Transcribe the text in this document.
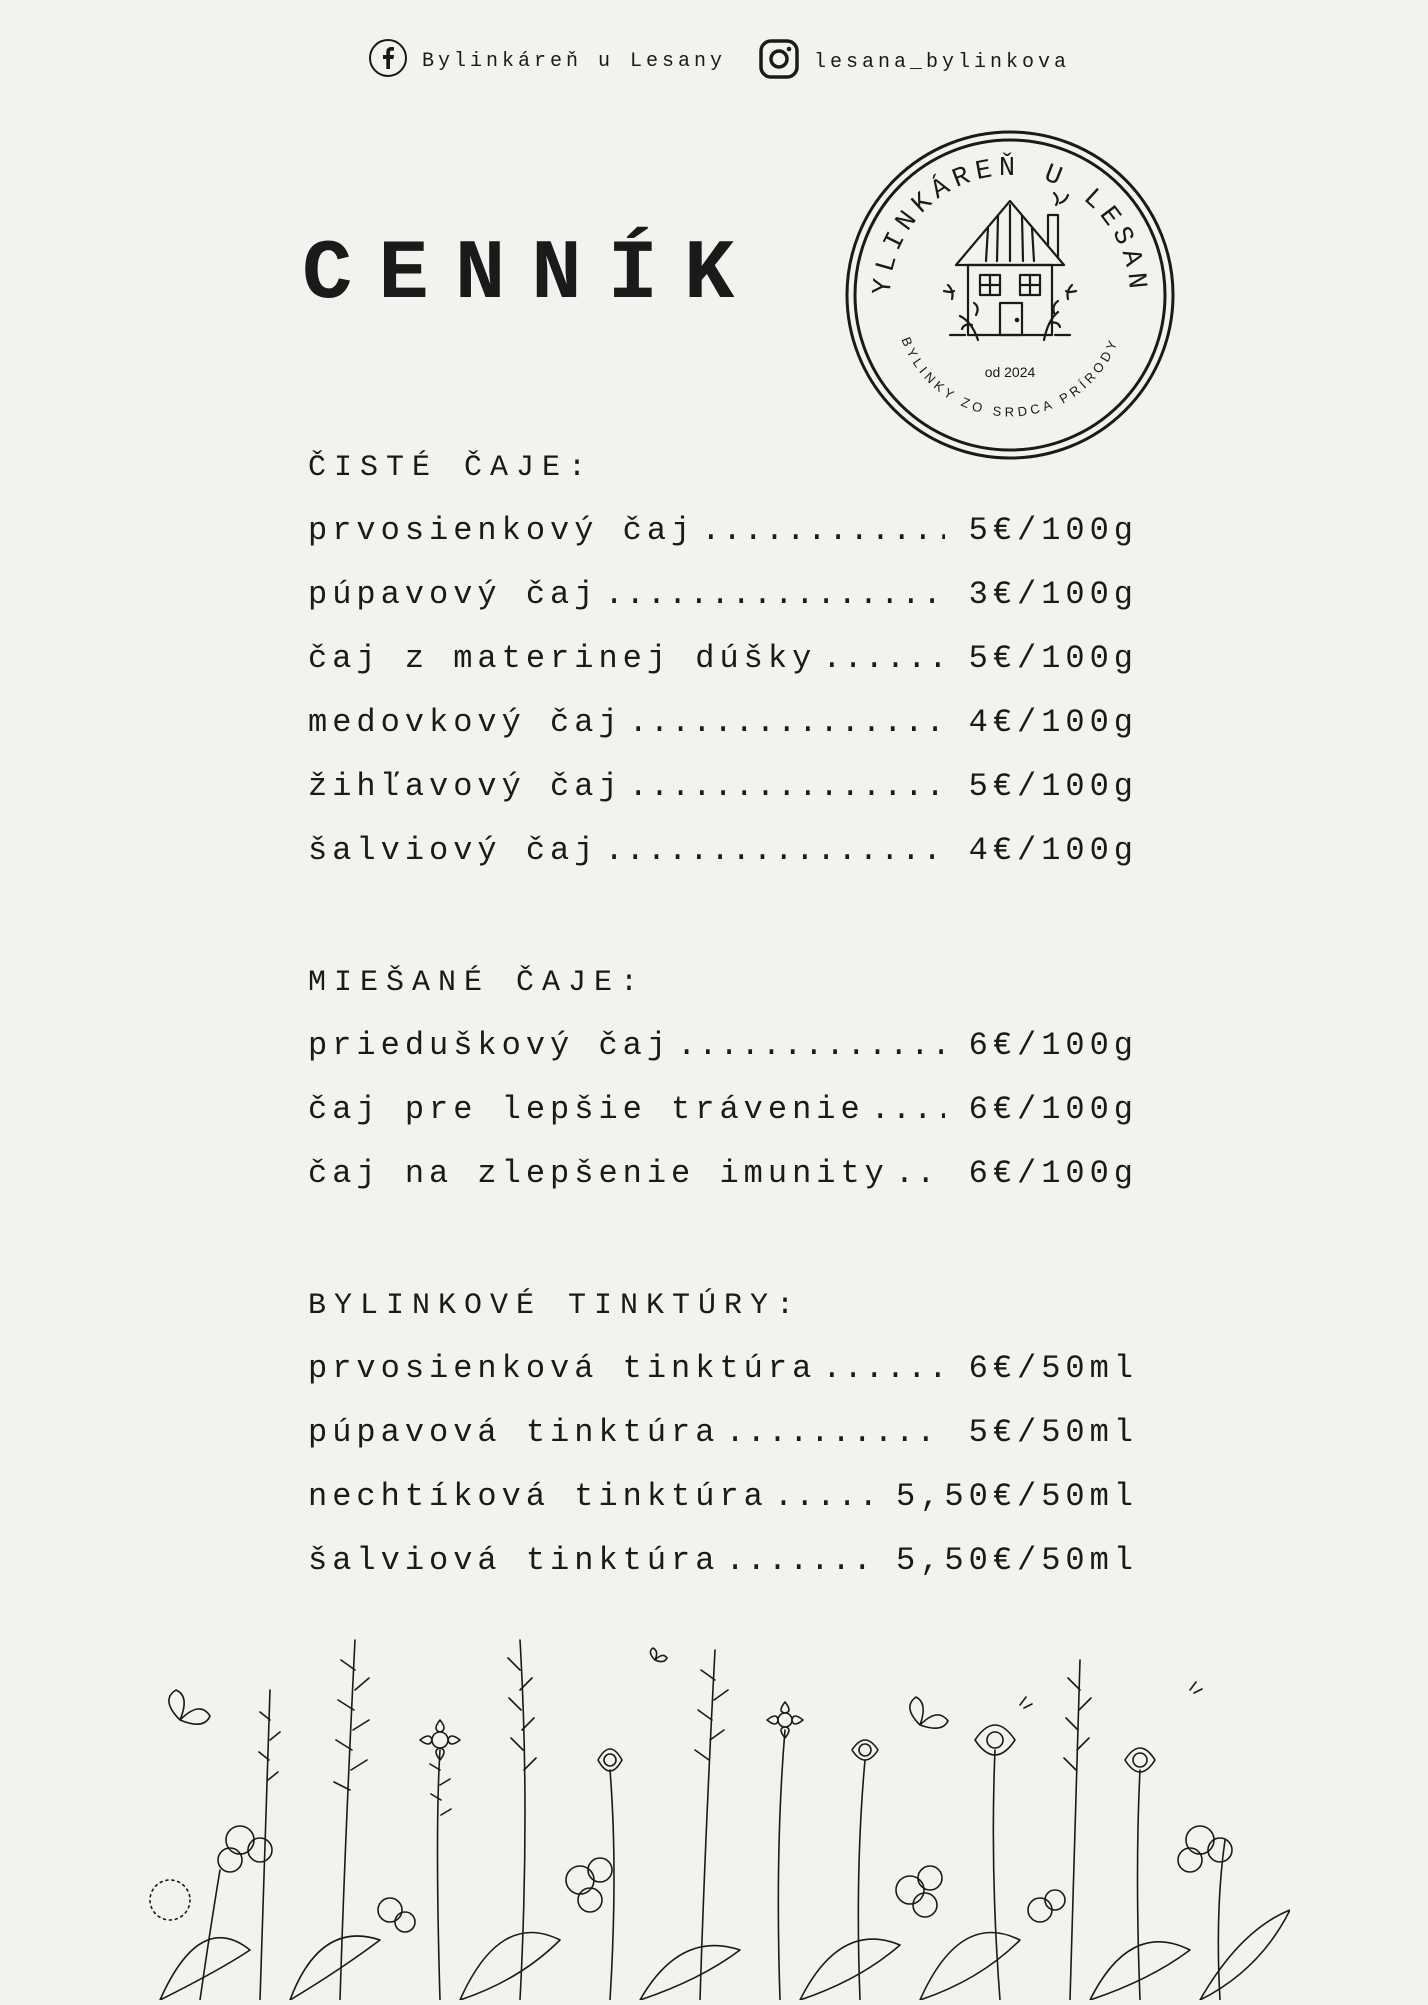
Bylinkáreň u Lesany	lesana_bylinkova
CENNÍK	YLINKÁREŇ U LESAN
BYLINKY ZO SRDCA PRÍRODY
od 2024
ČISTÉ ČAJE:
prvosienkový čaj .....	5€/100g
púpavový čaj .....	3€/100g
čaj z materinej dúšky .....	5€/100g
medovkový čaj .....	4€/100g
žihľavový čaj .....	5€/100g
šalviový čaj .....	4€/100g
MIEŠANÉ ČAJE:
prieduškový čaj .....	6€/100g
čaj pre lepšie trávenie .....	6€/100g
čaj na zlepšenie imunity ..... 6€/100g
BYLINKOVÉ TINKTÚRY:
prvosienková tinktúra .....	6€/50ml
púpavová tinktúra .....	5€/50ml
nechtíková tinktúra .....	5,50€/50ml
šalviová tinktúra .....	5,50€/50ml
